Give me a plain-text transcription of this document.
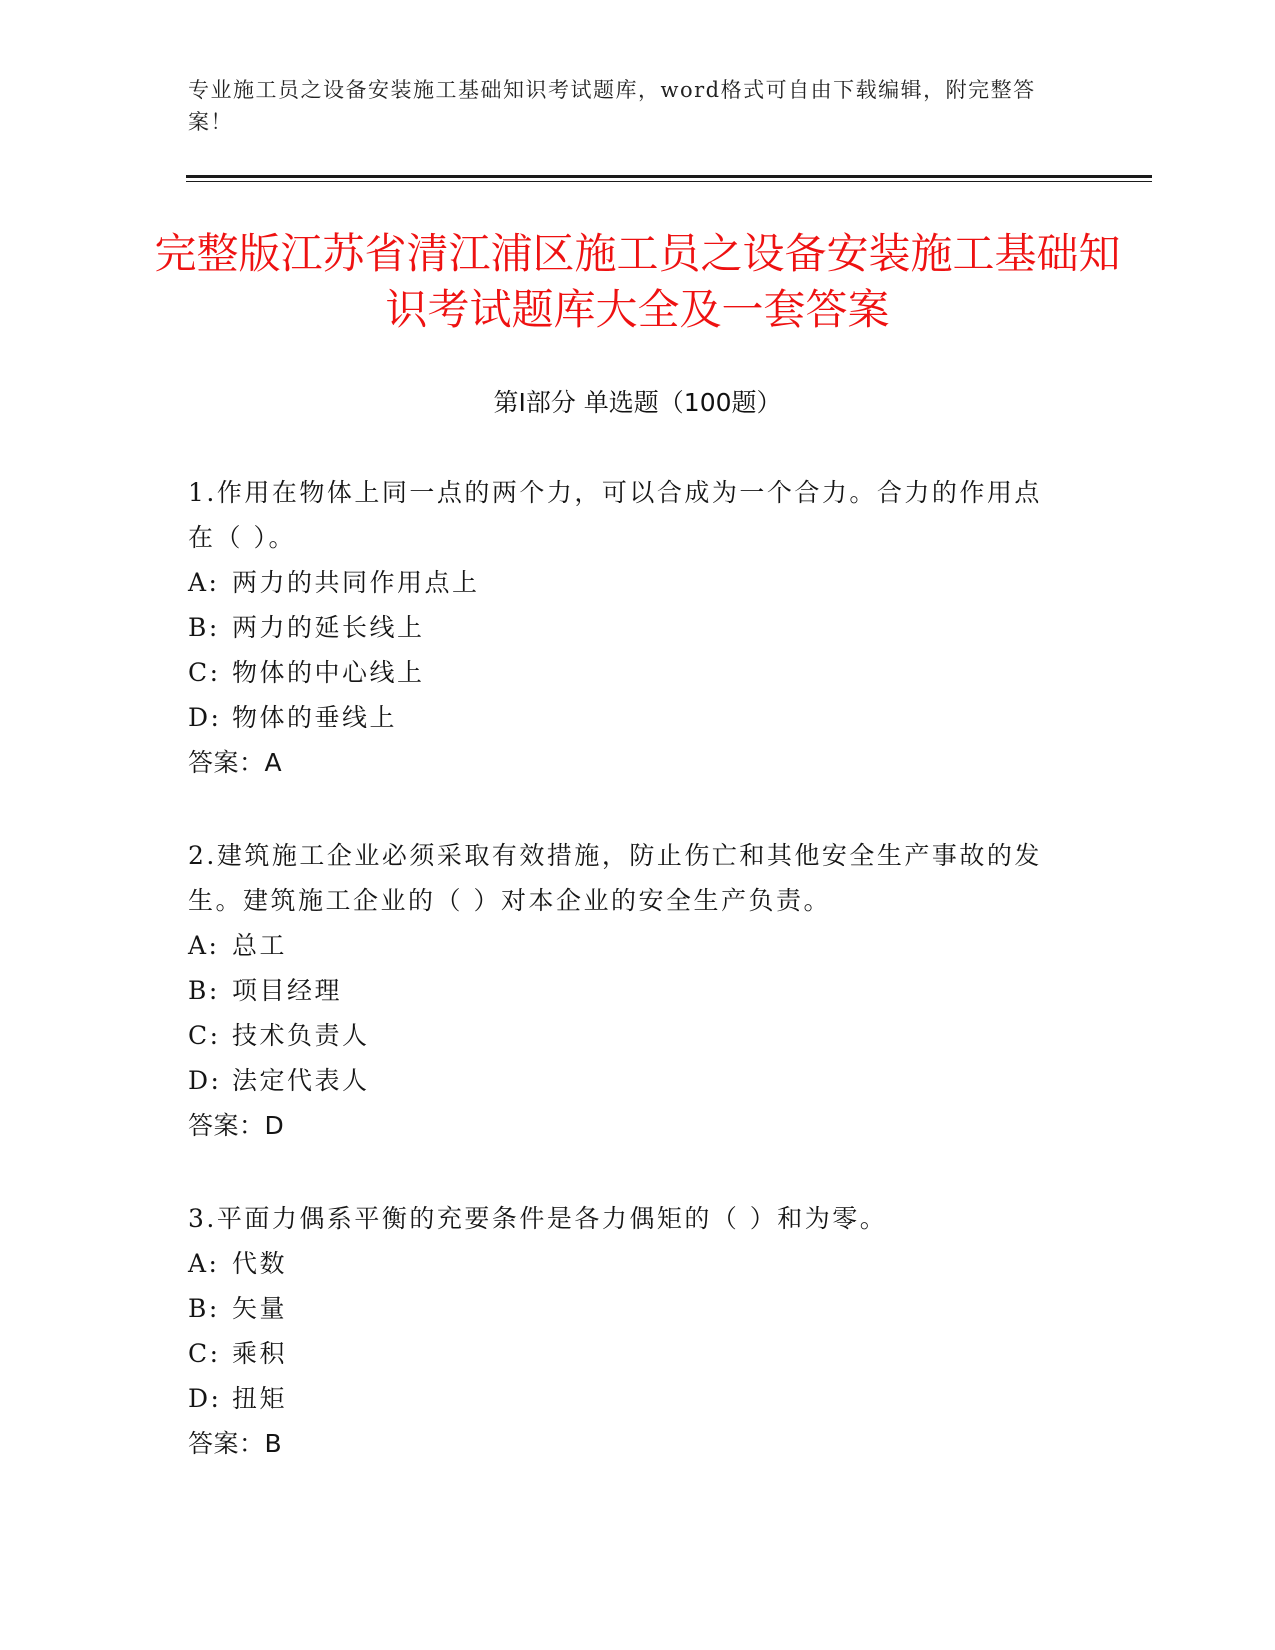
专业施工员之设备安装施工基础知识考试题库，word格式可自由下载编辑，附完整答案！
完整版江苏省清江浦区施工员之设备安装施工基础知识考试题库大全及一套答案
第Ⅰ部分 单选题（100题）
1.作用在物体上同一点的两个力，可以合成为一个合力。合力的作用点在（ ）。
A: 两力的共同作用点上
B: 两力的延长线上
C: 物体的中心线上
D: 物体的垂线上
答案：A
2.建筑施工企业必须采取有效措施，防止伤亡和其他安全生产事故的发生。建筑施工企业的（ ）对本企业的安全生产负责。
A: 总工
B: 项目经理
C: 技术负责人
D: 法定代表人
答案：D
3.平面力偶系平衡的充要条件是各力偶矩的（ ）和为零。
A: 代数
B: 矢量
C: 乘积
D: 扭矩
答案：B
